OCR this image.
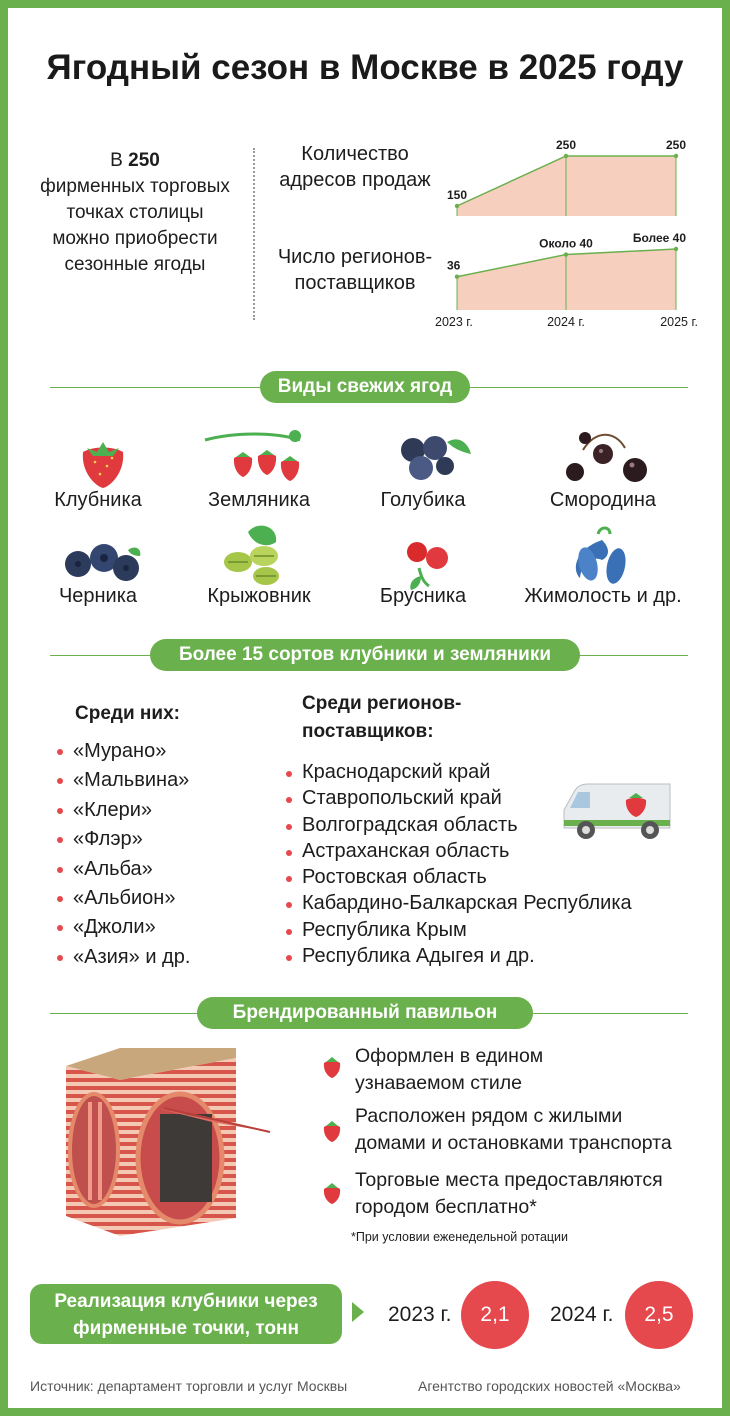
Ягодный сезон в Москве в 2025 году
В 250
фирменных торговых точках столицы можно приобрести сезонные ягоды
Количество адресов продаж
Число регионов-поставщиков
150
250	250
36
Около 40	Более 40
2023 г.	2024 г.	2025 г.
Виды свежих ягод
Клубника	Земляника	Голубика	Смородина
Черника	Крыжовник	Брусника	Жимолость и др.
Более 15 сортов клубники и земляники
Среди них:
«Мурано»
«Мальвина»
«Клери»
«Флэр»
«Альба»
«Альбион»
«Джоли»
«Азия» и др.
Среди регионов-
поставщиков:
Краснодарский край
Ставропольский край
Волгоградская область
Астраханская область
Ростовская область
Кабардино-Балкарская Республика
Республика Крым
Республика Адыгея и др.
Брендированный павильон
Оформлен в едином
узнаваемом стиле
Расположен рядом с жилыми
домами и остановками транспорта
Торговые места предоставляются
городом бесплатно*
*При условии еженедельной ротации
Реализация клубники через
фирменные точки, тонн
2023 г.	2,1	2024 г.	2,5
Источник: департамент торговли и услуг Москвы	Агентство городских новостей «Москва»
